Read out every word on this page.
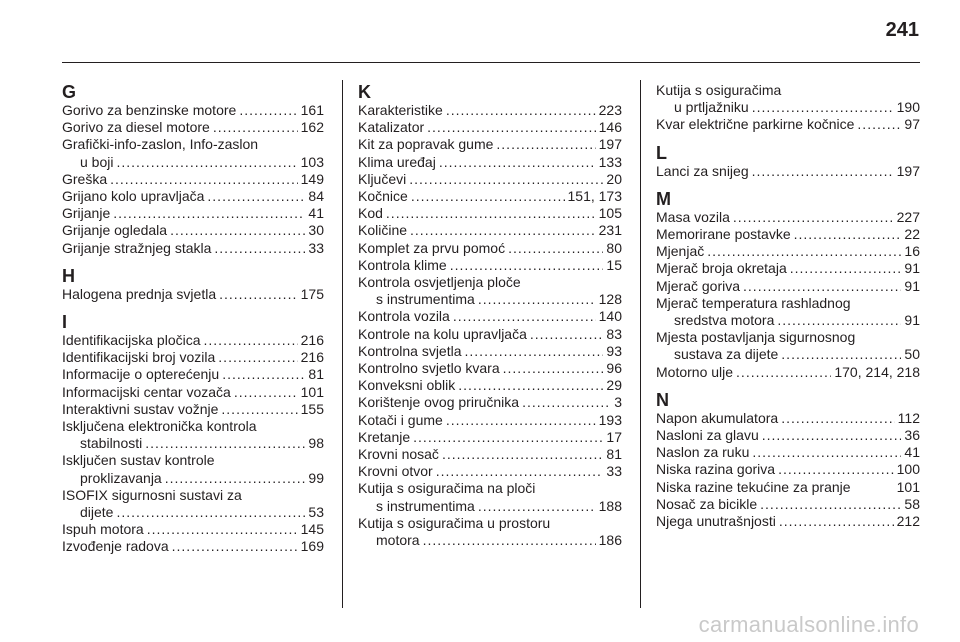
241
G
Gorivo za benzinske motore .....	161
Gorivo za diesel motore .....	162
Grafički-info-zaslon, Info-zaslon
u boji .....	103
Greška .....	149
Grijano kolo upravljača .....	84
Grijanje .....	41
Grijanje ogledala .....	30
Grijanje stražnjeg stakla .....	33
H
Halogena prednja svjetla .....	175
I
Identifikacijska pločica .....	216
Identifikacijski broj vozila .....	216
Informacije o opterećenju .....	81
Informacijski centar vozača .....	101
Interaktivni sustav vožnje .....	155
Isključena elektronička kontrola
stabilnosti .....	98
Isključen sustav kontrole
proklizavanja .....	99
ISOFIX sigurnosni sustavi za
dijete .....	53
Ispuh motora .....	145
Izvođenje radova .....	169
K
Karakteristike .....	223
Katalizator .....	146
Kit za popravak gume .....	197
Klima uređaj .....	133
Ključevi .....	20
Kočnice .....	151, 173
Kod .....	105
Količine .....	231
Komplet za prvu pomoć .....	80
Kontrola klime .....	15
Kontrola osvjetljenja ploče
s instrumentima .....	128
Kontrola vozila .....	140
Kontrole na kolu upravljača .....	83
Kontrolna svjetla .....	93
Kontrolno svjetlo kvara .....	96
Konveksni oblik .....	29
Korištenje ovog priručnika .....	3
Kotači i gume .....	193
Kretanje .....	17
Krovni nosač .....	81
Krovni otvor .....	33
Kutija s osiguračima na ploči
s instrumentima .....	188
Kutija s osiguračima u prostoru
motora .....	186
Kutija s osiguračima
u prtljažniku .....	190
Kvar električne parkirne kočnice .....	97
L
Lanci za snijeg .....	197
M
Masa vozila .....	227
Memorirane postavke .....	22
Mjenjač .....	16
Mjerač broja okretaja .....	91
Mjerač goriva .....	91
Mjerač temperatura rashladnog
sredstva motora .....	91
Mjesta postavljanja sigurnosnog
sustava za dijete .....	50
Motorno ulje .....	170, 214, 218
N
Napon akumulatora .....	112
Nasloni za glavu .....	36
Naslon za ruku .....	41
Niska razina goriva .....	100
Niska razine tekućine za pranje	101
Nosač za bicikle .....	58
Njega unutrašnjosti .....	212
carmanualsonline.info
